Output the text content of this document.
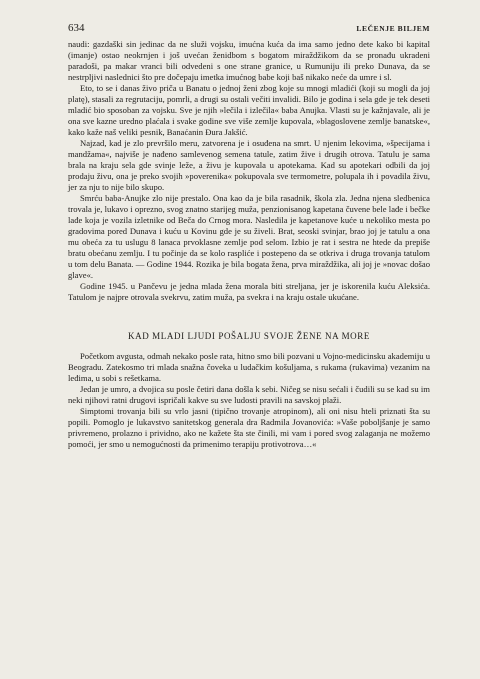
634	LEČENJE BILJEM

naudi: gazdaški sin jedinac da ne služi vojsku, imućna kuća da ima samo jedno dete kako bi kapital (imanje) ostao neokrnjen i još uvećan ženidbom s bogatom miraždžikom da se pronađu ukradeni paradoši, pa makar vranci bili odvedeni s one strane granice, u Rumuniju ili preko Dunava, da se nestrpljivi naslednici što pre dočepaju imetka imućnog babe koji baš nikako neće da umre i sl.

Eto, to se i danas živo priča u Banatu o jednoj ženi zbog koje su mnogi mladići (koji su mogli da joj platę), stasali za regrutaciju, pomrli, a drugi su ostali večiti invalidi. Bilo je godina i sela gde je tek deseti mladić bio sposoban za vojsku. Sve je njih »lečila i izlečila« baba Anujka. Vlasti su je kažnjavale, ali je ona sve kazne uredno plaćala i svake godine sve više zemlje kupovala, »blagoslovene zemlje banatske«, kako kaže naš veliki pesnik, Banaćanin Đura Jakšić.

Najzad, kad je zlo prevršilo meru, zatvorena je i osuđena na smrt. U njenim lekovima, »špecijama i mandžama«, najviše je nađeno samlevenog semena tatule, zatim žive i drugih otrova. Tatulu je sama brala na kraju sela gde svinje leže, a živu je kupovala u apotekama. Kad su apotekari odbili da joj prodaju živu, ona je preko svojih »poverenika« pokupovala sve termometre, polupala ih i povadila živu, jer za nju to nije bilo skupo.

Smrću baba-Anujke zlo nije prestalo. Ona kao da je bila rasadnik, škola zla. Jedna njena sledbenica trovala je, lukavo i oprezno, svog znatno starijeg muža, penzionisanog kapetana čuvene bele lađe i bečke lađe koja je vozila izletnike od Beča do Crnog mora. Nasledila je kapetanove kuće u nekoliko mesta po gradovima pored Dunava i kuću u Kovinu gde je su živeli. Brat, seoski svinjar, brao joj je tatulu a ona mu obeća za tu uslugu 8 lanaca prvoklasne zemlje pod selom. Izbio je rat i sestra ne htede da prepiše bratu obećanu zemlju. I tu počinje da se kolo raspliće i postepeno da se otkriva i druga trovanja tatulom u tom delu Banata. — Godine 1944. Rozika je bila bogata žena, prva miraždžika, ali joj je »novac došao glave«.

Godine 1945. u Pančevu je jedna mlada žena morala biti streljana, jer je iskorenila kuću Aleksića. Tatulom je najpre otrovala svekrvu, zatim muža, pa svekra i na kraju ostale ukućane.

KAD MLADI LJUDI POŠALJU SVOJE ŽENE NA MORE

Početkom avgusta, odmah nekako posle rata, hitno smo bili pozvani u Vojno-medicinsku akademiju u Beogradu. Zatekosmo tri mlada snažna čoveka u ludačkim košuljama, s rukama (rukavima) vezanim na leđima, u sobi s rešetkama.

Jedan je umro, a dvojica su posle četiri dana došla k sebi. Ničeg se nisu sećali i čudili su se kad su im neki njihovi ratni drugovi ispričali kakve su sve ludosti pravili na savskoj plaži.

Simptomi trovanja bili su vrlo jasni (tipično trovanje atropinom), ali oni nisu hteli priznati šta su popili. Pomoglo je lukavstvo sanitetskog generala dra Radmila Jovanovića: »Vaše poboljšanje je samo privremeno, prolazno i prividno, ako ne kažete šta ste činili, mi vam i pored svog zalaganja ne možemo pomoći, jer smo u nemogućnosti da primenimo terapiju protivotrova…«
